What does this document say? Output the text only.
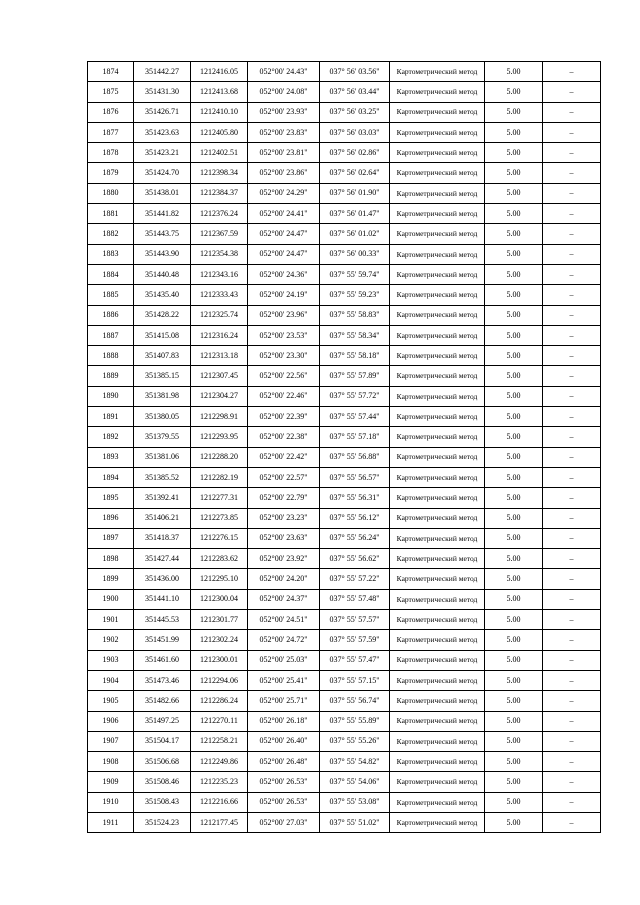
1874	351442.27	1212416.05	052°00' 24.43"	037° 56' 03.56"	Картометрический метод	5.00	–
1875	351431.30	1212413.68	052°00' 24.08"	037° 56' 03.44"	Картометрический метод	5.00	–
1876	351426.71	1212410.10	052°00' 23.93"	037° 56' 03.25"	Картометрический метод	5.00	–
1877	351423.63	1212405.80	052°00' 23.83"	037° 56' 03.03"	Картометрический метод	5.00	–
1878	351423.21	1212402.51	052°00' 23.81"	037° 56' 02.86"	Картометрический метод	5.00	–
1879	351424.70	1212398.34	052°00' 23.86"	037° 56' 02.64"	Картометрический метод	5.00	–
1880	351438.01	1212384.37	052°00' 24.29"	037° 56' 01.90"	Картометрический метод	5.00	–
1881	351441.82	1212376.24	052°00' 24.41"	037° 56' 01.47"	Картометрический метод	5.00	–
1882	351443.75	1212367.59	052°00' 24.47"	037° 56' 01.02"	Картометрический метод	5.00	–
1883	351443.90	1212354.38	052°00' 24.47"	037° 56' 00.33"	Картометрический метод	5.00	–
1884	351440.48	1212343.16	052°00' 24.36"	037° 55' 59.74"	Картометрический метод	5.00	–
1885	351435.40	1212333.43	052°00' 24.19"	037° 55' 59.23"	Картометрический метод	5.00	–
1886	351428.22	1212325.74	052°00' 23.96"	037° 55' 58.83"	Картометрический метод	5.00	–
1887	351415.08	1212316.24	052°00' 23.53"	037° 55' 58.34"	Картометрический метод	5.00	–
1888	351407.83	1212313.18	052°00' 23.30"	037° 55' 58.18"	Картометрический метод	5.00	–
1889	351385.15	1212307.45	052°00' 22.56"	037° 55' 57.89"	Картометрический метод	5.00	–
1890	351381.98	1212304.27	052°00' 22.46"	037° 55' 57.72"	Картометрический метод	5.00	–
1891	351380.05	1212298.91	052°00' 22.39"	037° 55' 57.44"	Картометрический метод	5.00	–
1892	351379.55	1212293.95	052°00' 22.38"	037° 55' 57.18"	Картометрический метод	5.00	–
1893	351381.06	1212288.20	052°00' 22.42"	037° 55' 56.88"	Картометрический метод	5.00	–
1894	351385.52	1212282.19	052°00' 22.57"	037° 55' 56.57"	Картометрический метод	5.00	–
1895	351392.41	1212277.31	052°00' 22.79"	037° 55' 56.31"	Картометрический метод	5.00	–
1896	351406.21	1212273.85	052°00' 23.23"	037° 55' 56.12"	Картометрический метод	5.00	–
1897	351418.37	1212276.15	052°00' 23.63"	037° 55' 56.24"	Картометрический метод	5.00	–
1898	351427.44	1212283.62	052°00' 23.92"	037° 55' 56.62"	Картометрический метод	5.00	–
1899	351436.00	1212295.10	052°00' 24.20"	037° 55' 57.22"	Картометрический метод	5.00	–
1900	351441.10	1212300.04	052°00' 24.37"	037° 55' 57.48"	Картометрический метод	5.00	–
1901	351445.53	1212301.77	052°00' 24.51"	037° 55' 57.57"	Картометрический метод	5.00	–
1902	351451.99	1212302.24	052°00' 24.72"	037° 55' 57.59"	Картометрический метод	5.00	–
1903	351461.60	1212300.01	052°00' 25.03"	037° 55' 57.47"	Картометрический метод	5.00	–
1904	351473.46	1212294.06	052°00' 25.41"	037° 55' 57.15"	Картометрический метод	5.00	–
1905	351482.66	1212286.24	052°00' 25.71"	037° 55' 56.74"	Картометрический метод	5.00	–
1906	351497.25	1212270.11	052°00' 26.18"	037° 55' 55.89"	Картометрический метод	5.00	–
1907	351504.17	1212258.21	052°00' 26.40"	037° 55' 55.26"	Картометрический метод	5.00	–
1908	351506.68	1212249.86	052°00' 26.48"	037° 55' 54.82"	Картометрический метод	5.00	–
1909	351508.46	1212235.23	052°00' 26.53"	037° 55' 54.06"	Картометрический метод	5.00	–
1910	351508.43	1212216.66	052°00' 26.53"	037° 55' 53.08"	Картометрический метод	5.00	–
1911	351524.23	1212177.45	052°00' 27.03"	037° 55' 51.02"	Картометрический метод	5.00	–
